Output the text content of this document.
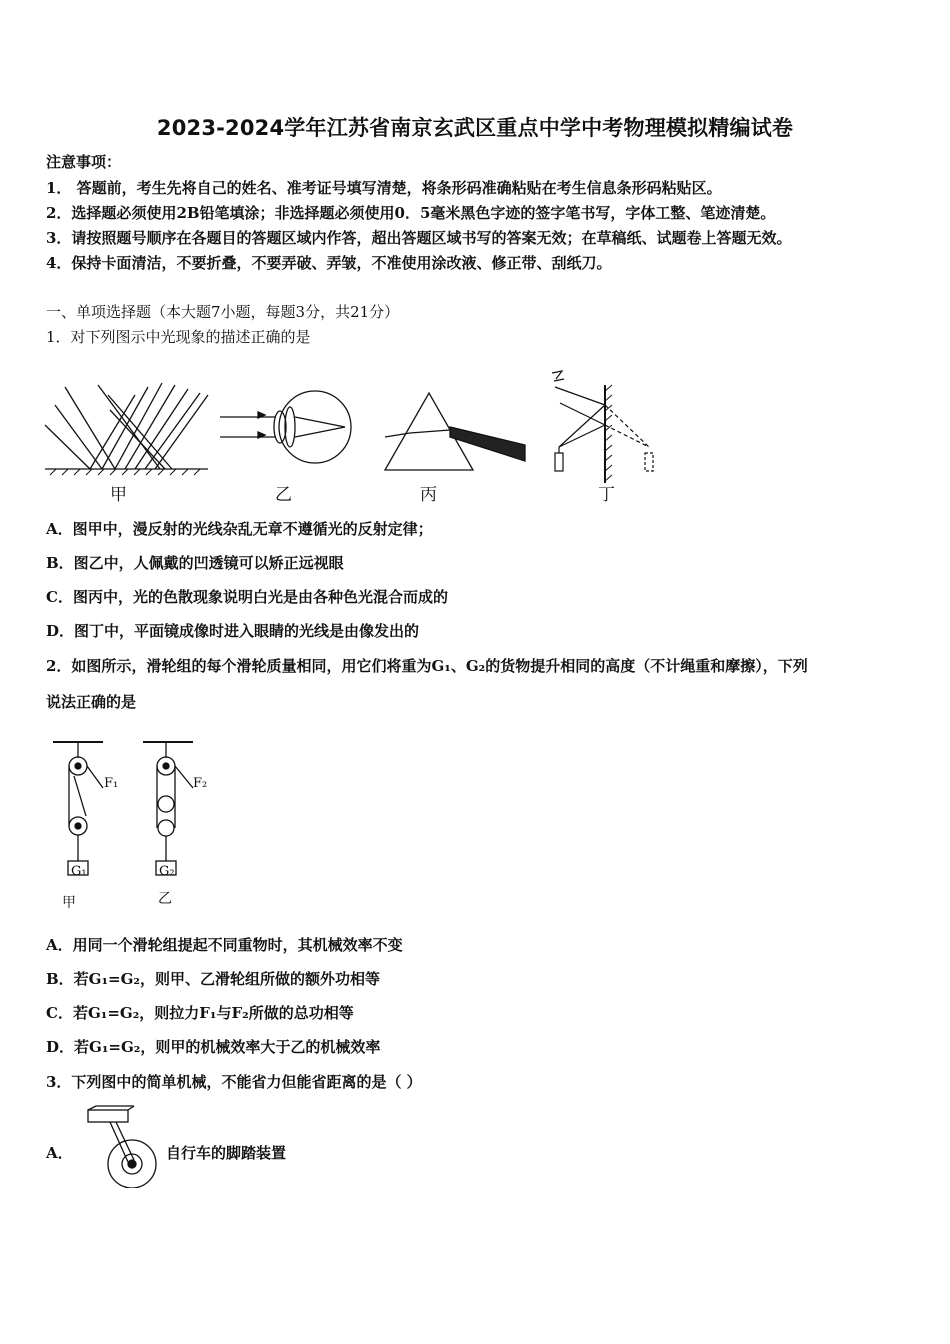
2023-2024学年江苏省南京玄武区重点中学中考物理模拟精编试卷
注意事项：
1． 答题前，考生先将自己的姓名、准考证号填写清楚，将条形码准确粘贴在考生信息条形码粘贴区。
2．选择题必须使用2B铅笔填涂；非选择题必须使用0．5毫米黑色字迹的签字笔书写，字体工整、笔迹清楚。
3．请按照题号顺序在各题目的答题区域内作答，超出答题区域书写的答案无效；在草稿纸、试题卷上答题无效。
4．保持卡面清洁，不要折叠，不要弄破、弄皱，不准使用涂改液、修正带、刮纸刀。
一、单项选择题（本大题7小题，每题3分，共21分）
1．对下列图示中光现象的描述正确的是
甲	乙	丙	丁
A．图甲中，漫反射的光线杂乱无章不遵循光的反射定律；
B．图乙中，人佩戴的凹透镜可以矫正远视眼
C．图丙中，光的色散现象说明白光是由各种色光混合而成的
D．图丁中，平面镜成像时进入眼睛的光线是由像发出的
2．如图所示，滑轮组的每个滑轮质量相同，用它们将重为G₁、G₂的货物提升相同的高度（不计绳重和摩擦），下列
说法正确的是
F₁	F₂
G₁	G₂
甲	乙
A．用同一个滑轮组提起不同重物时，其机械效率不变
B．若G₁=G₂，则甲、乙滑轮组所做的额外功相等
C．若G₁=G₂，则拉力F₁与F₂所做的总功相等
D．若G₁=G₂，则甲的机械效率大于乙的机械效率
3．下列图中的简单机械，不能省力但能省距离的是（ ）
A．	自行车的脚踏装置
